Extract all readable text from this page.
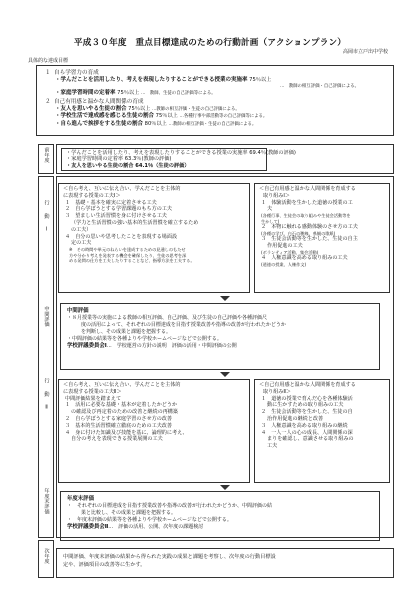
平成３０年度　重点目標達成のための行動計画（アクションプラン）
高岡市立戸出中学校
具体的な達成目標
１ 自ら学習力の育成
・学んだことを活用したり、考えを表現したりすることができる授業の実施率 75％以上
…　教師の相互評価・自己評価による。
・家庭学習時間の定着率 75％以上 …　教師、生徒の自己評価等による。
２ 自己有用感と温かな人間関係の育成
・友人を思いやる生徒の割合 75％以上 …教師の相互評価・生徒の自己評価による。
・学校生活で達成感を感じる生徒の割合 75％以上 …各種行事や部活動等の自己評価等による。
・自ら進んで挨拶をする生徒の割合 80％以上 …教師の相互評価・生徒の自己評価による。
前年度
行動Ⅰ
中間評価
行動Ⅱ
年度末評価
次年度
・学んだことを活用したり、考えを表現したりすることができる授業の実施率 69.4％(教師の評価)
・家庭学習時間の定着率 63.3％(教師の評価)
・友人を思いやる生徒の割合 64.1％（生徒の評価）
＜自ら考え、互いに伝え合い、学んだことを主体的
に表現する授業の工夫Ⅰ＞
１　基礎・基本を確実に定着させる工夫
２　自ら学ぼうとする学習課題のもち方の工夫
３　望ましい生活習慣を身に付けさせる工夫
（学力と生活習慣の強い基本的生活習慣を確立するため
の工夫）
４　自分の思いや思考したことを表現する場面設
定の工夫
※　その時間や単元のねらいを達成するための見通しのもたせ
方や分かり考えを発表する機会を確保したり、生徒の思考を深
める発問の仕方を工夫したりすることなど、指導方法を工夫する。
＜自己有用感と温かな人間関係を育成する
取り組みⅠ＞
１　体験活動を生かした道徳の授業の工
夫
(各種行事、生徒会の取り組みや生徒会活動等を
生かして)
２　本物に触れる感動体験のさせ方の工夫
(各種の学び、白石の稜線、県観の歌紙)
３　生徒会活動等を生かした、生徒の自主
作用促進の工夫
(ボランティア活動、集会活動)
４　人権意識を高める取り組みの工夫
(道徳の授業、人権作文)
中間評価
・８月授業等の実施による教師の相互評価、自己評価、及び生徒の自己評価や各種評価尺
度の活用によって、それぞれの目標達成を目指す授業改善や指導の改善が行われたかどうか
を判断し、その成果と課題を把握する。
・中間評価の結果等を各種よりや学校ホームページなどで公開する。
学校評議委員会Ⅰ…　学校運営の方針の説明　評価の活用・中間評価の公開
＜自ら考え、互いに伝え合い、学んだことを主体的
に表現する授業の工夫Ⅱ＞
中間評価結果を踏まえて
１　活用に必要な基礎・基本が定着したかどうか
の確認及び再定着のための改善と継続の再構築
２　自ら学ぼうとする家庭学習のさせ方の改善
３　基本的生活習慣確立徹底のための工夫改善
４　身に付けた知識及び技能を基に、論理的に考え、
自分の考えを表現できる授業展開の工夫
＜自己有用感と温かな人間関係を育成する
取り組みⅡ＞
１　道徳の授業で育んだ心を各種体験活
動に生かすための取り組みの工夫
２　生徒会活動等を生かした、生徒の自
治作用促進の継続と改善
３　人権意識を高める取り組みの継続
４　一人一人の心の成長、人間関係の深
まりを確認し、意識させる取り組みの
工夫
年度末評価
・　それぞれの目標達成を目指す授業改善や指導の改善が行われたかどうか、中間評価の結
果と比較し、その成果と課題を把握する。
・　年度末評価の結果等を各種よりや学校ホームページなどで公開する。
学校評議委員会Ⅱ…　評価の活用、公開、次年度の課題検討
中間評価、年度末評価の結果から得られた実践の成果と課題を考察し、次年度の行動目標設
定や、評価項目の改善等に生かす。
